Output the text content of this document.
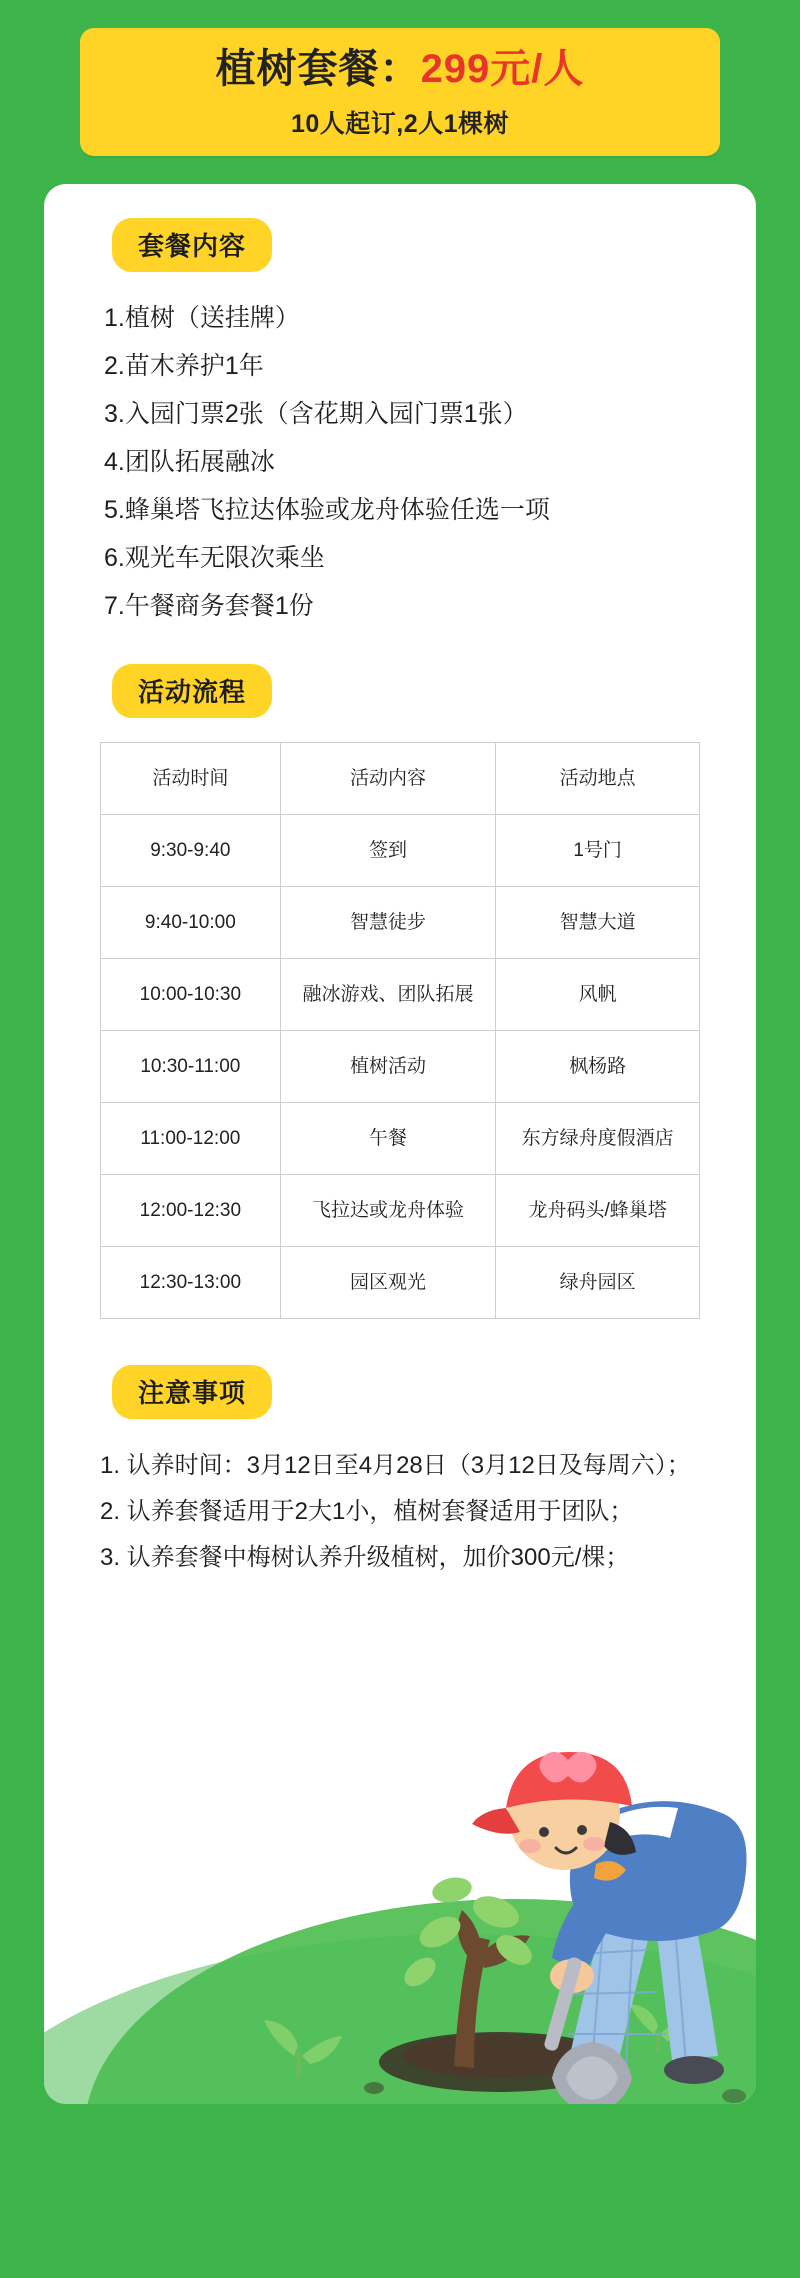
植树套餐：299元/人
10人起订,2人1棵树
套餐内容
1.植树（送挂牌）
2.苗木养护1年
3.入园门票2张（含花期入园门票1张）
4.团队拓展融冰
5.蜂巢塔飞拉达体验或龙舟体验任选一项
6.观光车无限次乘坐
7.午餐商务套餐1份
活动流程
活动时间	活动内容	活动地点
9:30-9:40	签到	1号门
9:40-10:00	智慧徒步	智慧大道
10:00-10:30	融冰游戏、团队拓展	风帆
10:30-11:00	植树活动	枫杨路
11:00-12:00	午餐	东方绿舟度假酒店
12:00-12:30	飞拉达或龙舟体验	龙舟码头/蜂巢塔
12:30-13:00	园区观光	绿舟园区
注意事项
1. 认养时间：3月12日至4月28日（3月12日及每周六）；
2. 认养套餐适用于2大1小，植树套餐适用于团队；
3. 认养套餐中梅树认养升级植树，加价300元/棵；
